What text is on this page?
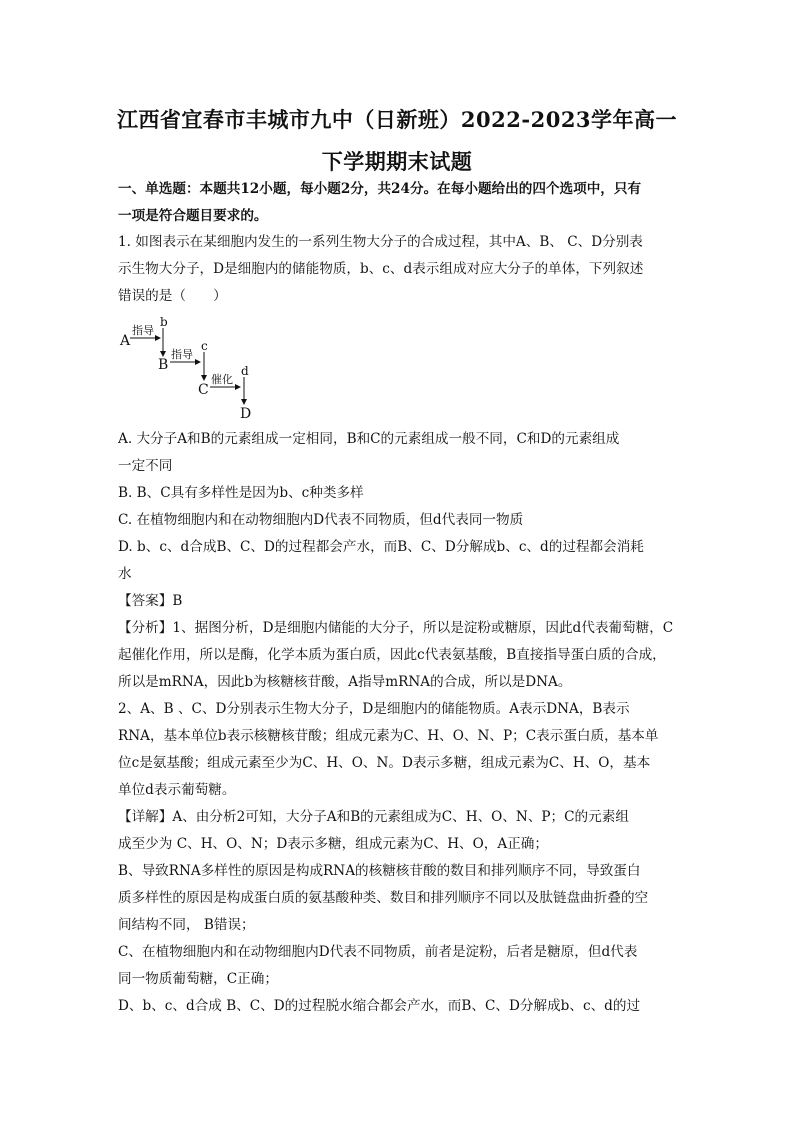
江西省宜春市丰城市九中（日新班）2022-2023学年高一
下学期期末试题
一、单选题：本题共12小题，每小题2分，共24分。在每小题给出的四个选项中，只有
一项是符合题目要求的。
1. 如图表示在某细胞内发生的一系列生物大分子的合成过程，其中A、B、 C、D分别表
示生物大分子，D是细胞内的储能物质，b、c、d表示组成对应大分子的单体，下列叙述
错误的是（　　）
A
指导
b
B
指导
c
C
催化
d
D
A. 大分子A和B的元素组成一定相同，B和C的元素组成一般不同，C和D的元素组成
一定不同
B. B、C具有多样性是因为b、c种类多样
C. 在植物细胞内和在动物细胞内D代表不同物质，但d代表同一物质
D. b、c、d合成B、C、D的过程都会产水，而B、C、D分解成b、c、d的过程都会消耗
水
【答案】B
【分析】1、据图分析，D是细胞内储能的大分子，所以是淀粉或糖原，因此d代表葡萄糖，C
起催化作用，所以是酶，化学本质为蛋白质，因此c代表氨基酸，B直接指导蛋白质的合成，
所以是mRNA，因此b为核糖核苷酸，A指导mRNA的合成，所以是DNA。
2、A、B 、C、D分别表示生物大分子，D是细胞内的储能物质。A表示DNA，B表示
RNA，基本单位b表示核糖核苷酸；组成元素为C、H、O、N、P；C表示蛋白质，基本单
位c是氨基酸；组成元素至少为C、H、O、N。D表示多糖，组成元素为C、H、O，基本
单位d表示葡萄糖。
【详解】A、由分析2可知，大分子A和B的元素组成为C、H、O、N、P；C的元素组
成至少为 C、H、O、N；D表示多糖，组成元素为C、H、O，A正确；
B、导致RNA多样性的原因是构成RNA的核糖核苷酸的数目和排列顺序不同，导致蛋白
质多样性的原因是构成蛋白质的氨基酸种类、数目和排列顺序不同以及肽链盘曲折叠的空
间结构不同， B错误；
C、在植物细胞内和在动物细胞内D代表不同物质，前者是淀粉，后者是糖原，但d代表
同一物质葡萄糖，C正确；
D、b、c、d合成 B、C、D的过程脱水缩合都会产水，而B、C、D分解成b、c、d的过
